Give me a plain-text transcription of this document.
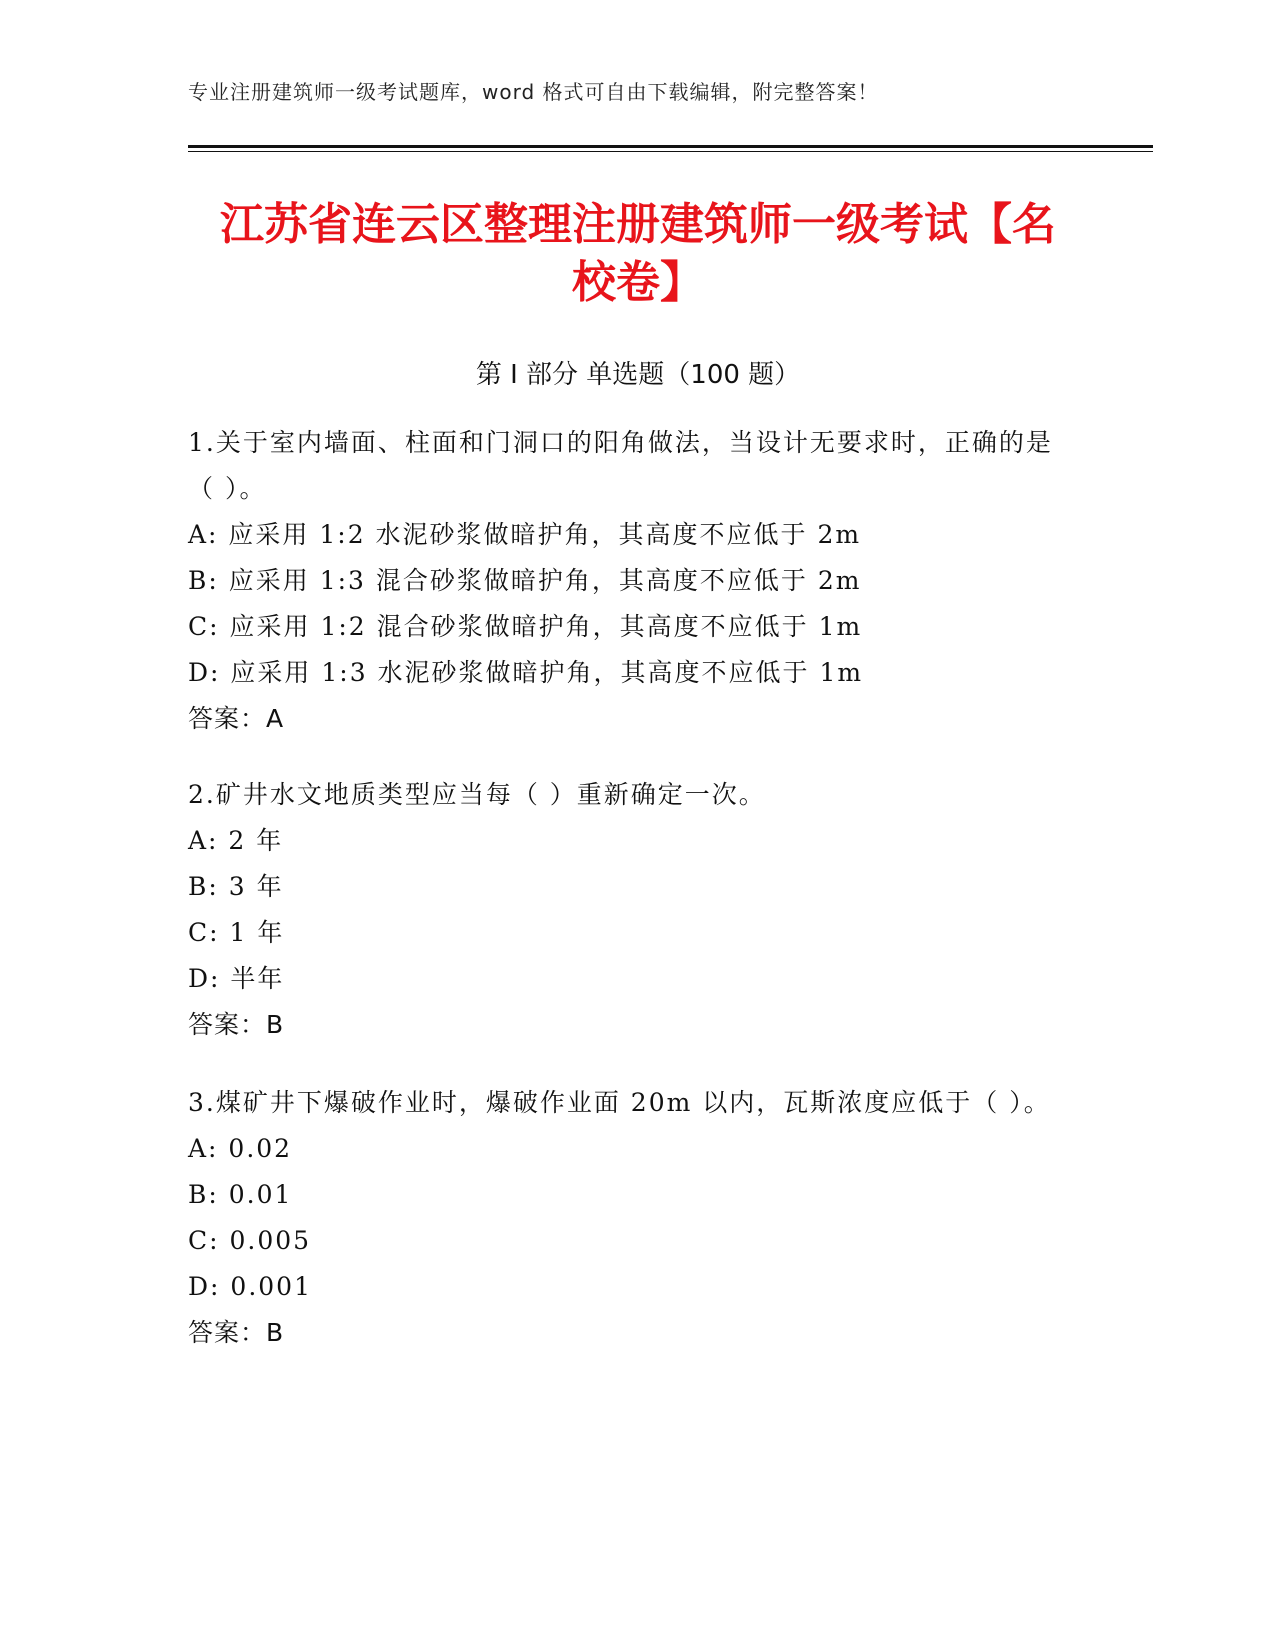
专业注册建筑师一级考试题库，word 格式可自由下载编辑，附完整答案！
江苏省连云区整理注册建筑师一级考试【名
校卷】
第 I 部分 单选题（100 题）
1.关于室内墙面、柱面和门洞口的阳角做法，当设计无要求时，正确的是（ ）。
A: 应采用 1:2 水泥砂浆做暗护角，其高度不应低于 2m
B: 应采用 1:3 混合砂浆做暗护角，其高度不应低于 2m
C: 应采用 1:2 混合砂浆做暗护角，其高度不应低于 1m
D: 应采用 1:3 水泥砂浆做暗护角，其高度不应低于 1m
答案：A
2.矿井水文地质类型应当每（ ）重新确定一次。
A: 2 年
B: 3 年
C: 1 年
D: 半年
答案：B
3.煤矿井下爆破作业时，爆破作业面 20m 以内，瓦斯浓度应低于（ ）。
A: 0.02
B: 0.01
C: 0.005
D: 0.001
答案：B
